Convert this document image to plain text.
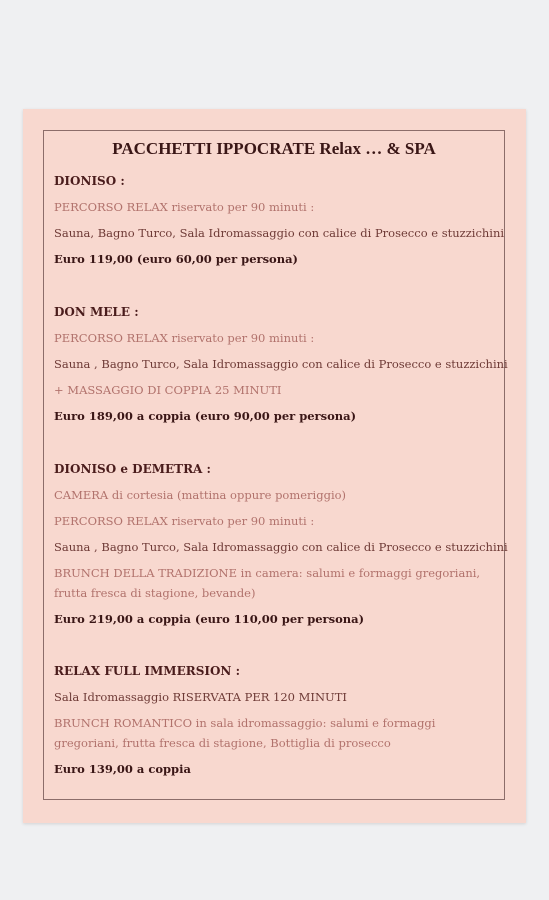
PACCHETTI IPPOCRATE Relax … & SPA
DIONISO :
PERCORSO RELAX riservato per 90 minuti :
Sauna, Bagno Turco, Sala Idromassaggio con calice di Prosecco e stuzzichini
Euro 119,00 (euro 60,00 per persona)
DON MELE :
PERCORSO RELAX riservato per 90 minuti :
Sauna , Bagno Turco, Sala Idromassaggio con calice di Prosecco e stuzzichini
+ MASSAGGIO DI COPPIA 25 MINUTI
Euro 189,00 a coppia (euro 90,00 per persona)
DIONISO e DEMETRA :
CAMERA di cortesia (mattina oppure pomeriggio)
PERCORSO RELAX riservato per 90 minuti :
Sauna , Bagno Turco, Sala Idromassaggio con calice di Prosecco e stuzzichini
BRUNCH DELLA TRADIZIONE in camera: salumi e formaggi gregoriani, frutta fresca di stagione, bevande)
Euro 219,00 a coppia (euro 110,00 per persona)
RELAX FULL IMMERSION :
Sala Idromassaggio RISERVATA PER 120 MINUTI
BRUNCH ROMANTICO in sala idromassaggio: salumi e formaggi gregoriani, frutta fresca di stagione, Bottiglia di prosecco
Euro 139,00 a coppia
